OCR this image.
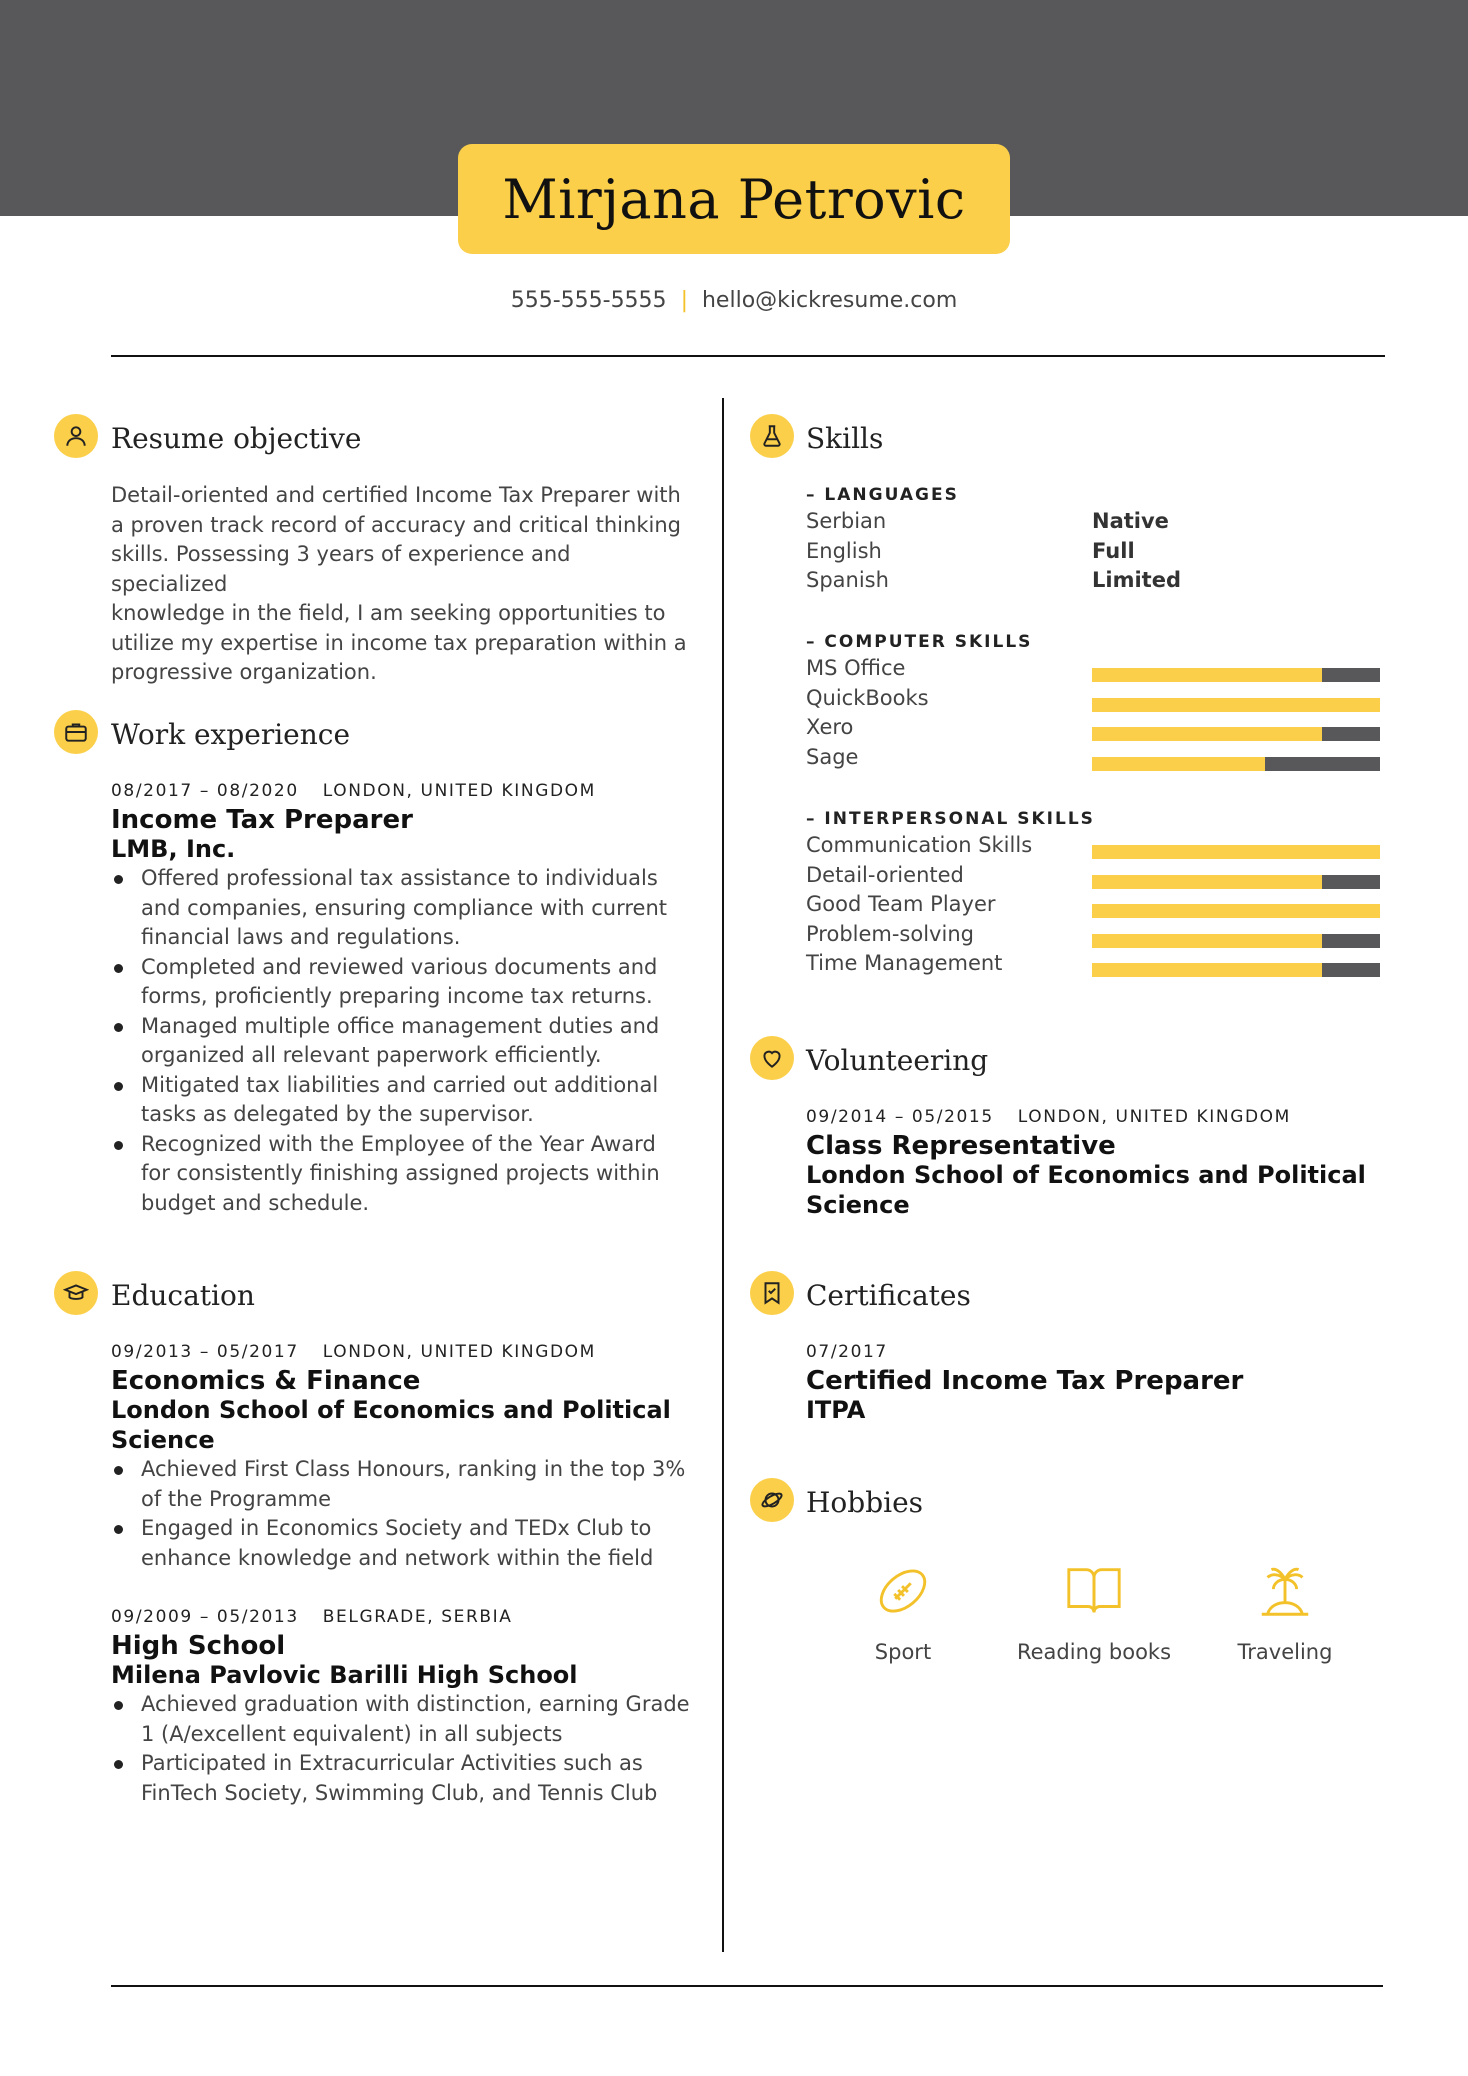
Mirjana Petrovic
555-555-5555 | hello@kickresume.com
Resume objective
Detail-oriented and certified Income Tax Preparer with
a proven track record of accuracy and critical thinking
skills. Possessing 3 years of experience and specialized
knowledge in the field, I am seeking opportunities to
utilize my expertise in income tax preparation within a
progressive organization.
Work experience
08/2017 – 08/2020 LONDON, UNITED KINGDOM
Income Tax Preparer
LMB, Inc.
Offered professional tax assistance to individuals
and companies, ensuring compliance with current
financial laws and regulations.
Completed and reviewed various documents and
forms, proficiently preparing income tax returns.
Managed multiple office management duties and
organized all relevant paperwork efficiently.
Mitigated tax liabilities and carried out additional
tasks as delegated by the supervisor.
Recognized with the Employee of the Year Award
for consistently finishing assigned projects within
budget and schedule.
Education
09/2013 – 05/2017 LONDON, UNITED KINGDOM
Economics & Finance
London School of Economics and Political
Science
Achieved First Class Honours, ranking in the top 3%
of the Programme
Engaged in Economics Society and TEDx Club to
enhance knowledge and network within the field
09/2009 – 05/2013 BELGRADE, SERBIA
High School
Milena Pavlovic Barilli High School
Achieved graduation with distinction, earning Grade
1 (A/excellent equivalent) in all subjects
Participated in Extracurricular Activities such as
FinTech Society, Swimming Club, and Tennis Club
Skills
– LANGUAGES
Serbian	Native
English	Full
Spanish	Limited
– COMPUTER SKILLS
MS Office
QuickBooks
Xero
Sage
– INTERPERSONAL SKILLS
Communication Skills
Detail-oriented
Good Team Player
Problem-solving
Time Management
Volunteering
09/2014 – 05/2015 LONDON, UNITED KINGDOM
Class Representative
London School of Economics and Political
Science
Certificates
07/2017
Certified Income Tax Preparer
ITPA
Hobbies
Sport	Reading books	Traveling
